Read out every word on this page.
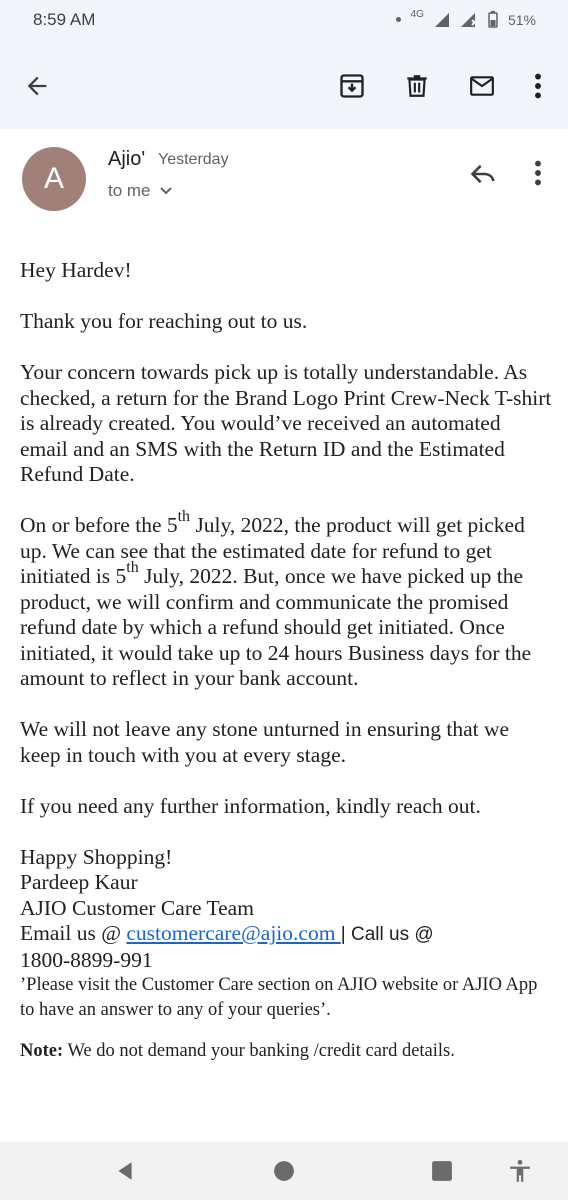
8:59 AM	4G	51%
A
Ajio' Yesterday
to me

Hey Hardev!

Thank you for reaching out to us.

Your concern towards pick up is totally understandable. As checked, a return for the Brand Logo Print Crew-Neck T-shirt is already created. You would’ve received an automated email and an SMS with the Return ID and the Estimated Refund Date.

On or before the 5th July, 2022, the product will get picked up. We can see that the estimated date for refund to get initiated is 5th July, 2022. But, once we have picked up the product, we will confirm and communicate the promised refund date by which a refund should get initiated. Once initiated, it would take up to 24 hours Business days for the amount to reflect in your bank account.

We will not leave any stone unturned in ensuring that we keep in touch with you at every stage.

If you need any further information, kindly reach out.

Happy Shopping!

Pardeep Kaur

AJIO Customer Care Team

Email us @ customercare@ajio.com | Call us @

1800-8899-991

’Please visit the Customer Care section on AJIO website or AJIO App to have an answer to any of your queries’.

Note: We do not demand your banking /credit card details.
